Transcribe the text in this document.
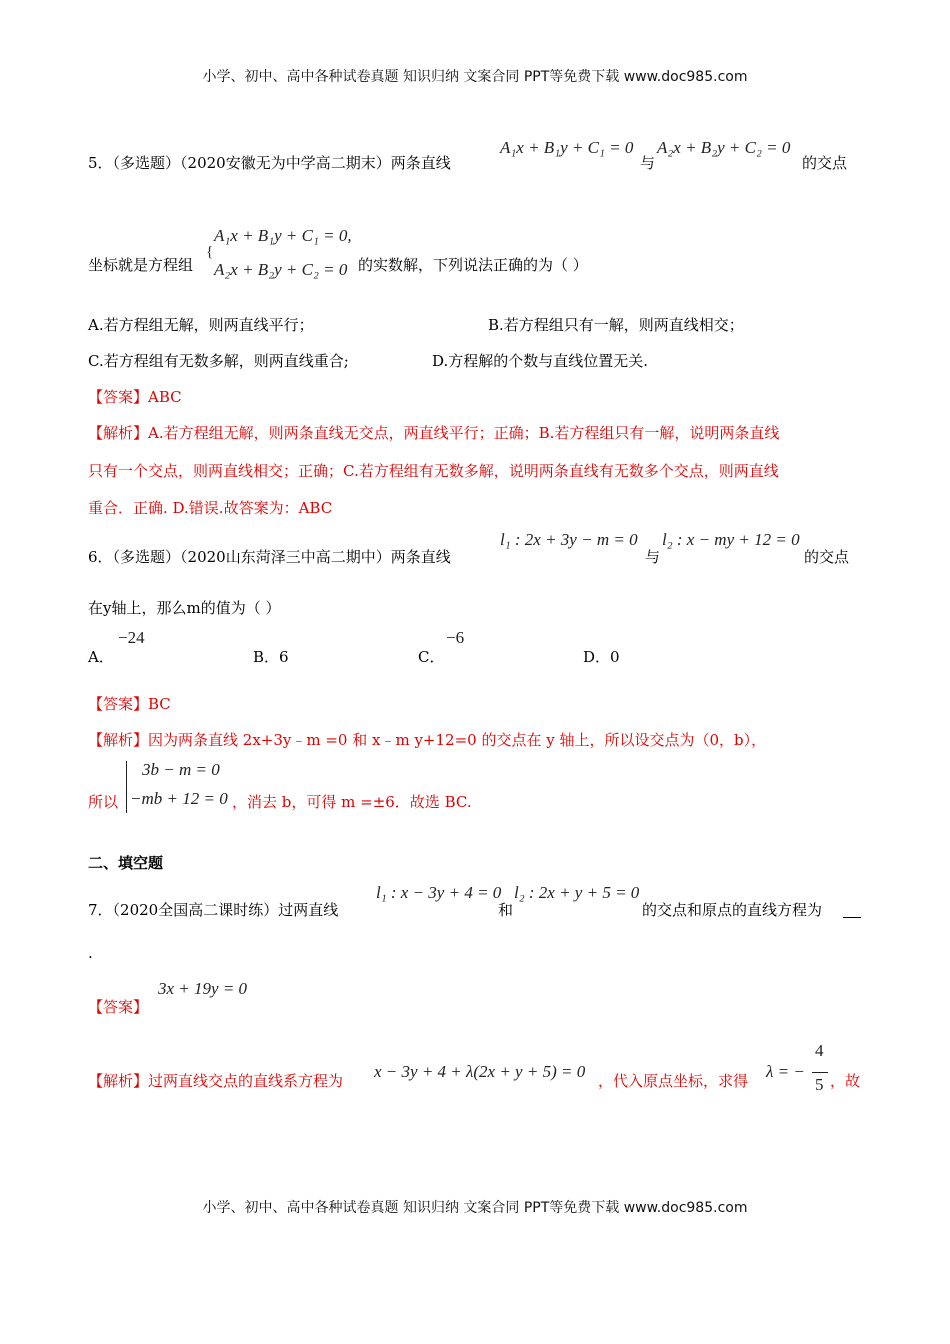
小学、初中、高中各种试卷真题 知识归纳 文案合同 PPT等免费下载 www.doc985.com
5．（多选题）（2020安徽无为中学高二期末）两条直线
A₁x + B₁y + C₁ = 0
与
A₂x + B₂y + C₂ = 0
的交点
坐标就是方程组
{
A₁x + B₁y + C₁ = 0,
A₂x + B₂y + C₂ = 0 的实数解，下列说法正确的为（ ）
A.若方程组无解，则两直线平行；	B.若方程组只有一解，则两直线相交；
C.若方程组有无数多解，则两直线重合;	D.方程解的个数与直线位置无关.
【答案】ABC
【解析】A.若方程组无解，则两条直线无交点，两直线平行；正确；B.若方程组只有一解，说明两条直线
只有一个交点，则两直线相交；正确；C.若方程组有无数多解，说明两条直线有无数多个交点，则两直线
重合．正确. D.错误.故答案为：ABC
6．（多选题）（2020山东菏泽三中高二期中）两条直线
l₁ : 2x + 3y − m = 0
与
l₂ : x − my + 12 = 0
的交点
在y轴上，那么m的值为（ ）
A．
−24
B．6	C．
−6
D．0
【答案】BC
【解析】因为两条直线 2x+3y﹣m =0 和 x﹣m y+12=0 的交点在 y 轴上，所以设交点为（0，b），
所以
3b − m = 0
−mb + 12 = 0 ，消去 b，可得 m =±6．故选 BC.
二、填空题
7．（2020全国高二课时练）过两直线
l₁ : x − 3y + 4 = 0
和
l₂ : 2x + y + 5 = 0
的交点和原点的直线方程为
.
【答案】
3x + 19y = 0
【解析】过两直线交点的直线系方程为 x − 3y + 4 + λ(2x + y + 5) = 0 ，代入原点坐标，求得 λ = −
4
5 ，故
小学、初中、高中各种试卷真题 知识归纳 文案合同 PPT等免费下载 www.doc985.com
